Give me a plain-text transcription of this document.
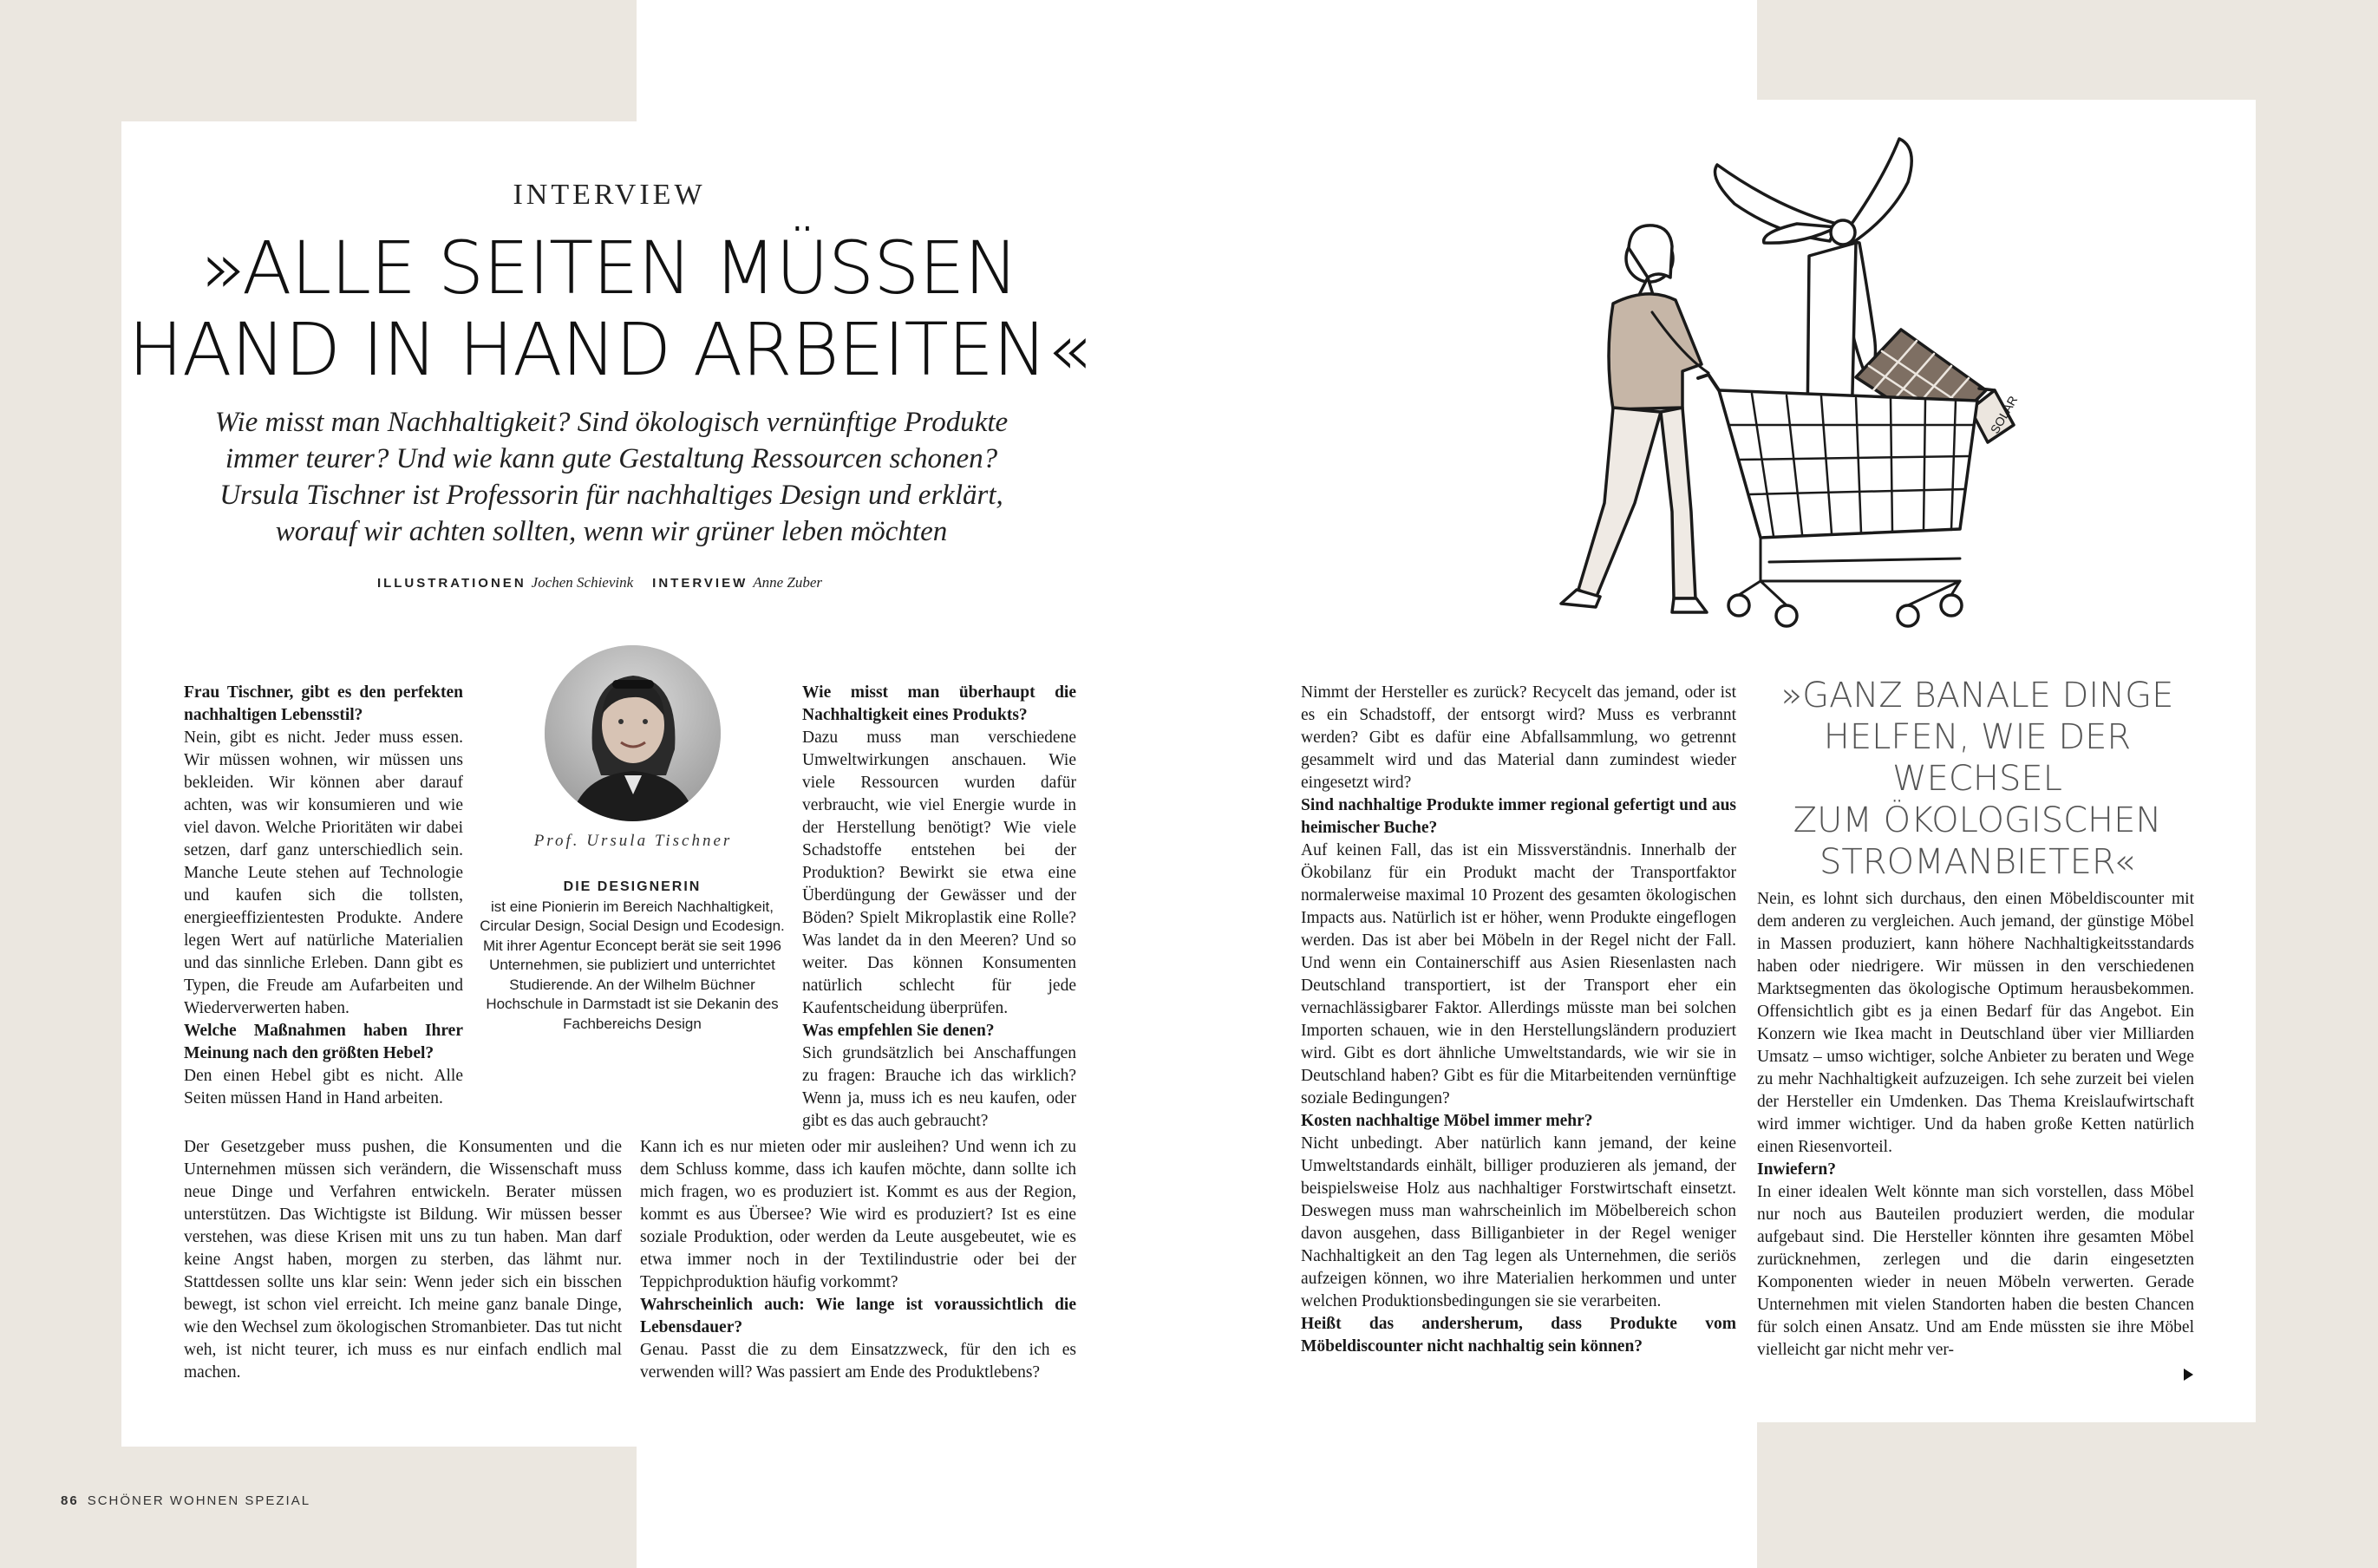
INTERVIEW
»ALLE SEITEN MÜSSEN
HAND IN HAND ARBEITEN«
Wie misst man Nachhaltigkeit? Sind ökologisch vernünftige Produkte
immer teurer? Und wie kann gute Gestaltung Ressourcen schonen?
Ursula Tischner ist Professorin für nachhaltiges Design und erklärt,
worauf wir achten sollten, wenn wir grüner leben möchten
ILLUSTRATIONEN Jochen Schievink INTERVIEW Anne Zuber

Frau Tischner, gibt es den perfekten nachhaltigen Lebensstil?

Nein, gibt es nicht. Jeder muss essen. Wir müssen wohnen, wir müssen uns bekleiden. Wir können aber darauf achten, was wir konsumieren und wie viel davon. Welche Prioritäten wir dabei setzen, darf ganz unterschiedlich sein. Manche Leute stehen auf Technologie und kaufen sich die tollsten, energieeffizientesten Produkte. Andere legen Wert auf natürliche Materialien und das sinnliche Erleben. Dann gibt es Typen, die Freude am Aufarbeiten und Wiederverwerten haben.

Welche Maßnahmen haben Ihrer Meinung nach den größten Hebel?

Den einen Hebel gibt es nicht. Alle Seiten müssen Hand in Hand arbeiten.

Der Gesetzgeber muss pushen, die Konsumenten und die Unternehmen müssen sich verändern, die Wissenschaft muss neue Dinge und Verfahren entwickeln. Berater müssen unterstützen. Das Wichtigste ist Bildung. Wir müssen besser verstehen, was diese Krisen mit uns zu tun haben. Man darf keine Angst haben, morgen zu sterben, das lähmt nur. Stattdessen sollte uns klar sein: Wenn jeder sich ein bisschen bewegt, ist schon viel erreicht. Ich meine ganz banale Dinge, wie den Wechsel zum ökologischen Stromanbieter. Das tut nicht weh, ist nicht teurer, ich muss es nur einfach endlich mal machen.

Prof. Ursula Tischner
DIE DESIGNERIN
ist eine Pionierin im Bereich Nachhaltigkeit, Circular Design, Social Design und Ecodesign. Mit ihrer Agentur Econcept berät sie seit 1996 Unternehmen, sie publiziert und unterrichtet Studierende. An der Wilhelm Büchner Hochschule in Darmstadt ist sie Dekanin des Fachbereichs Design

Wie misst man überhaupt die Nachhaltigkeit eines Produkts?

Dazu muss man verschiedene Umweltwirkungen anschauen. Wie viele Ressourcen wurden dafür verbraucht, wie viel Energie wurde in der Herstellung benötigt? Wie viele Schadstoffe entstehen bei der Produktion? Bewirkt sie etwa eine Überdüngung der Gewässer und der Böden? Spielt Mikroplastik eine Rolle? Was landet da in den Meeren? Und so weiter. Das können Konsumenten natürlich schlecht für jede Kaufentscheidung überprüfen.

Was empfehlen Sie denen?

Sich grundsätzlich bei Anschaffungen zu fragen: Brauche ich das wirklich? Wenn ja, muss ich es neu kaufen, oder gibt es das auch gebraucht?

Kann ich es nur mieten oder mir ausleihen? Und wenn ich zu dem Schluss komme, dass ich kaufen möchte, dann sollte ich mich fragen, wo es produziert ist. Kommt es aus der Region, kommt es aus Übersee? Wie wird es produziert? Ist es eine soziale Produktion, oder werden da Leute ausgebeutet, wie es etwa immer noch in der Textilindustrie oder bei der Teppichproduktion häufig vorkommt?

Wahrscheinlich auch: Wie lange ist voraussichtlich die Lebensdauer?

Genau. Passt die zu dem Einsatzzweck, für den ich es verwenden will? Was passiert am Ende des Produktlebens?

Nimmt der Hersteller es zurück? Recycelt das jemand, oder ist es ein Schadstoff, der entsorgt wird? Muss es verbrannt werden? Gibt es dafür eine Abfallsammlung, wo getrennt gesammelt wird und das Material dann zumindest wieder eingesetzt wird?

Sind nachhaltige Produkte immer regional gefertigt und aus heimischer Buche?

Auf keinen Fall, das ist ein Missverständnis. Innerhalb der Ökobilanz für ein Produkt macht der Transportfaktor normalerweise maximal 10 Prozent des gesamten ökologischen Impacts aus. Natürlich ist er höher, wenn Produkte eingeflogen werden. Das ist aber bei Möbeln in der Regel nicht der Fall. Und wenn ein Containerschiff aus Asien Riesenlasten nach Deutschland transportiert, ist der Transport eher ein vernachlässigbarer Faktor. Allerdings müsste man bei solchen Importen schauen, wie in den Herstellungsländern produziert wird. Gibt es dort ähnliche Umweltstandards, wie wir sie in Deutschland haben? Gibt es für die Mitarbeitenden vernünftige soziale Bedingungen?

Kosten nachhaltige Möbel immer mehr?

Nicht unbedingt. Aber natürlich kann jemand, der keine Umweltstandards einhält, billiger produzieren als jemand, der beispielsweise Holz aus nachhaltiger Forstwirtschaft einsetzt. Deswegen muss man wahrscheinlich im Möbelbereich schon davon ausgehen, dass Billiganbieter in der Regel weniger Nachhaltigkeit an den Tag legen als Unternehmen, die seriös aufzeigen können, wo ihre Materialien herkommen und unter welchen Produktionsbedingungen sie sie verarbeiten.

Heißt das andersherum, dass Produkte vom Möbeldiscounter nicht nachhaltig sein können?

»GANZ BANALE DINGE
HELFEN, WIE DER WECHSEL
ZUM ÖKOLOGISCHEN
STROMANBIETER«

Nein, es lohnt sich durchaus, den einen Möbeldiscounter mit dem anderen zu vergleichen. Auch jemand, der günstige Möbel in Massen produziert, kann höhere Nachhaltigkeitsstandards haben oder niedrigere. Wir müssen in den verschiedenen Marktsegmenten das ökologische Optimum herausbekommen. Offensichtlich gibt es ja einen Bedarf für das Angebot. Ein Konzern wie Ikea macht in Deutschland über vier Milliarden Umsatz – umso wichtiger, solche Anbieter zu beraten und Wege zu mehr Nachhaltigkeit aufzuzeigen. Ich sehe zurzeit bei vielen der Hersteller ein Umdenken. Das Thema Kreislaufwirtschaft wird immer wichtiger. Und da haben große Ketten natürlich einen Riesenvorteil.

Inwiefern?

In einer idealen Welt könnte man sich vorstellen, dass Möbel nur noch aus Bauteilen produziert werden, die modular aufgebaut sind. Die Hersteller könnten ihre gesamten Möbel zurücknehmen, zerlegen und die darin eingesetzten Komponenten wieder in neuen Möbeln verwerten. Gerade Unternehmen mit vielen Standorten haben die besten Chancen für solch einen Ansatz. Und am Ende müssten sie ihre Möbel vielleicht gar nicht mehr ver-

SOLAR
86 SCHÖNER WOHNEN SPEZIAL
